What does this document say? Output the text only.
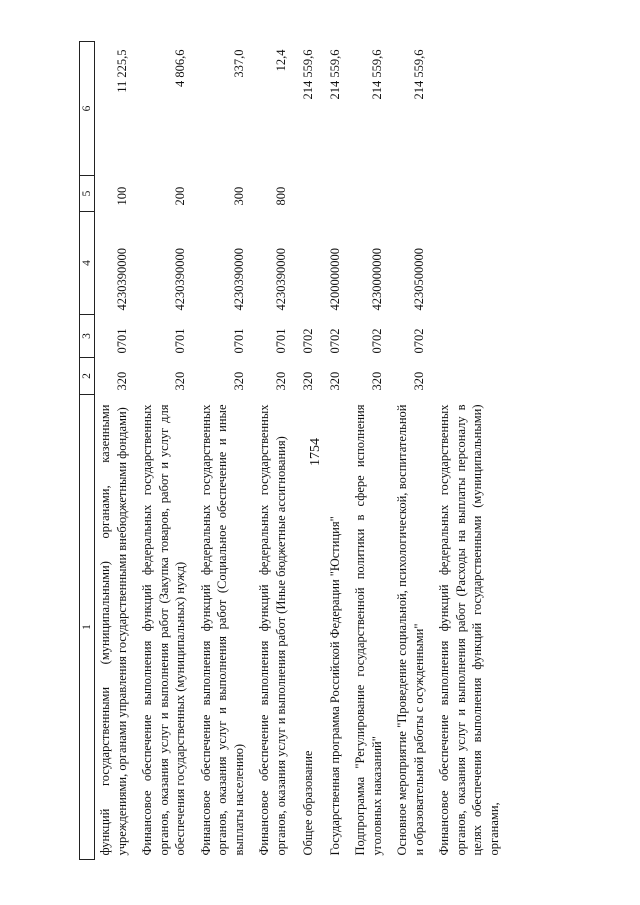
1754
1	2	3	4	5	6
функций государственными (муниципальными) органами, казенными учреждениями, органами управления государственными внебюджетными фондами)	320	0701	4230390000	100	11 225,5
Финансовое обеспечение выполнения функций федеральных государственных органов, оказания услуг и выполнения работ (Закупка товаров, работ и услуг для обеспечения государственных (муниципальных) нужд)	320	0701	4230390000	200	4 806,6
Финансовое обеспечение выполнения функций федеральных государственных органов, оказания услуг и выполнения работ (Социальное обеспечение и иные выплаты населению)	320	0701	4230390000	300	337,0
Финансовое обеспечение выполнения функций федеральных государственных органов, оказания услуг и выполнения работ (Иные бюджетные ассигнования)	320	0701	4230390000	800	12,4
Общее образование	320	0702			214 559,6
Государственная программа Российской Федерации "Юстиция"	320	0702	4200000000		214 559,6
Подпрограмма "Регулирование государственной политики в сфере исполнения уголовных наказаний"	320	0702	4230000000		214 559,6
Основное мероприятие "Проведение социальной, психологической, воспитательной и образовательной работы с осужденными"	320	0702	4230500000		214 559,6
Финансовое обеспечение выполнения функций федеральных государственных органов, оказания услуг и выполнения работ (Расходы на выплаты персоналу в целях обеспечения выполнения функций государственными (муниципальными) органами,					
